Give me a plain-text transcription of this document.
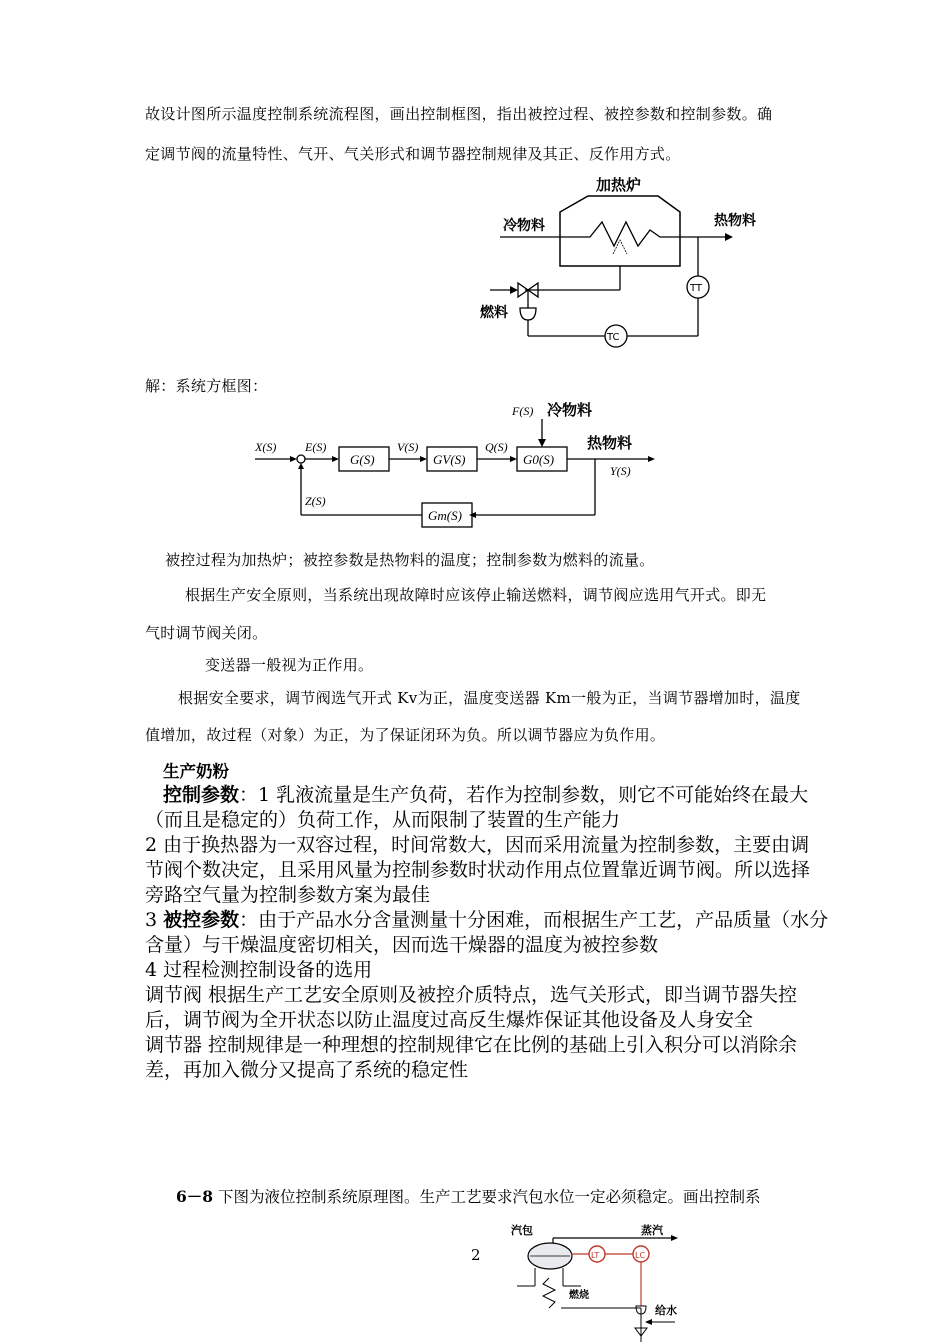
故设计图所示温度控制系统流程图，画出控制框图，指出被控过程、被控参数和控制参数。确
定调节阀的流量特性、气开、气关形式和调节器控制规律及其正、反作用方式。
加热炉
冷物料	热物料
燃料
TT
TC
解：系统方框图：
F(S) 冷物料
热物料
X(S) E(S)
G(S)
V(S)
GV(S)
Q(S)
G0(S)
Y(S)
Gm(S)
Z(S)
被控过程为加热炉；被控参数是热物料的温度；控制参数为燃料的流量。
根据生产安全原则，当系统出现故障时应该停止输送燃料，调节阀应选用气开式。即无
气时调节阀关闭。
变送器一般视为正作用。
根据安全要求，调节阀选气开式 Kv为正，温度变送器 Km一般为正，当调节器增加时，温度
值增加，故过程（对象）为正，为了保证闭环为负。所以调节器应为负作用。
生产奶粉
控制参数：1 乳液流量是生产负荷，若作为控制参数，则它不可能始终在最大
（而且是稳定的）负荷工作，从而限制了装置的生产能力
2 由于换热器为一双容过程，时间常数大，因而采用流量为控制参数，主要由调
节阀个数决定，且采用风量为控制参数时状动作用点位置靠近调节阀。所以选择
旁路空气量为控制参数方案为最佳
3 被控参数：由于产品水分含量测量十分困难，而根据生产工艺，产品质量（水分
含量）与干燥温度密切相关，因而选干燥器的温度为被控参数
4 过程检测控制设备的选用
调节阀 根据生产工艺安全原则及被控介质特点，选气关形式，即当调节器失控
后，调节阀为全开状态以防止温度过高反生爆炸保证其他设备及人身安全
调节器 控制规律是一种理想的控制规律它在比例的基础上引入积分可以消除余
差，再加入微分又提高了系统的稳定性
6－8 下图为液位控制系统原理图。生产工艺要求汽包水位一定必须稳定。画出控制系
2
汽包	蒸汽
LT	LC
燃烧
给水
